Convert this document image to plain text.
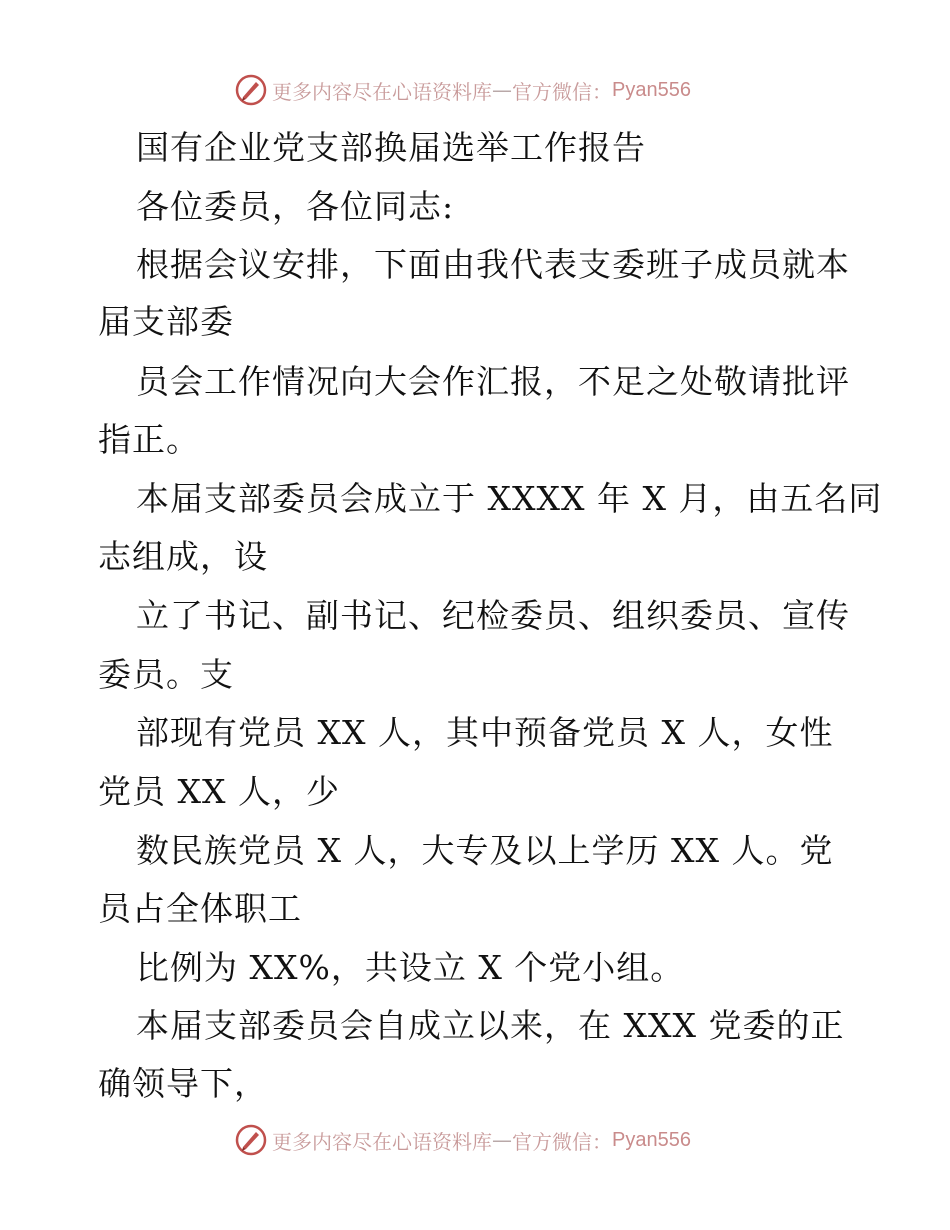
更多内容尽在心语资料库 — 官方微信： Pyan556
国有企业党支部换届选举工作报告
各位委员，各位同志:
根据会议安排，下面由我代表支委班子成员就本
届支部委
员会工作情况向大会作汇报，不足之处敬请批评
指正。
本届支部委员会成立于 XXXX 年 X 月，由五名同
志组成，设
立了书记、副书记、纪检委员、组织委员、宣传
委员。支
部现有党员 XX 人，其中预备党员 X 人，女性
党员 XX 人，少
数民族党员 X 人，大专及以上学历 XX 人。党
员占全体职工
比例为 XX%，共设立 X 个党小组。
本届支部委员会自成立以来，在 XXX 党委的正
确领导下，
更多内容尽在心语资料库 — 官方微信： Pyan556
